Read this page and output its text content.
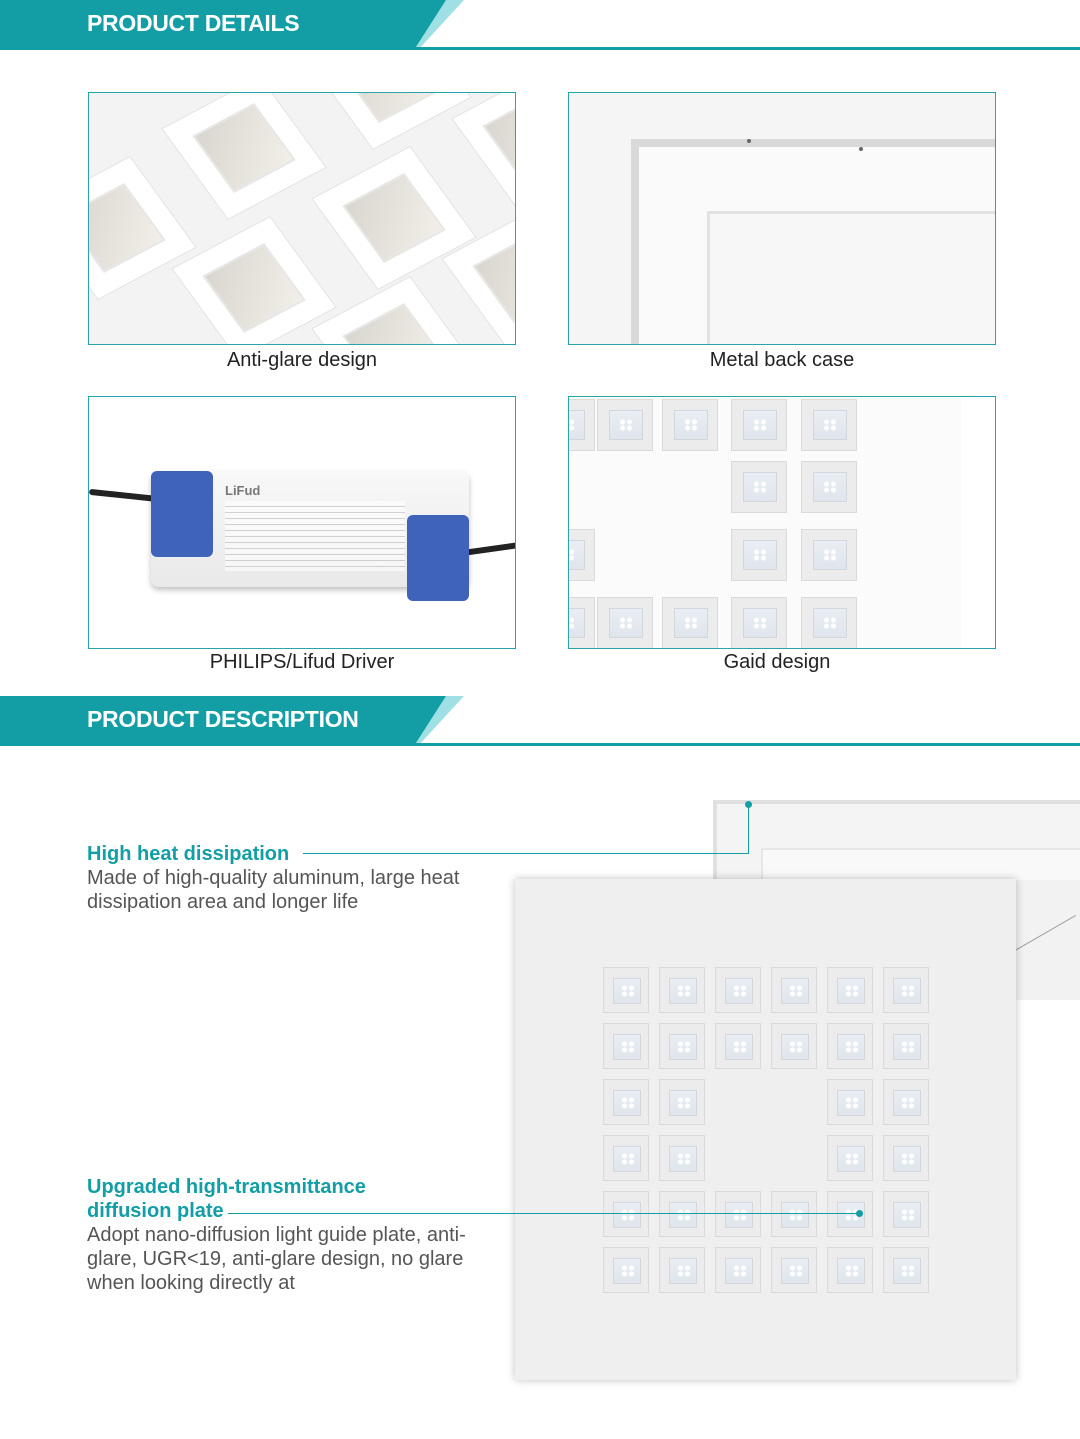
PRODUCT DETAILS
Anti-glare design	Metal back case
LiFud
PHILIPS/Lifud Driver	Gaid design
PRODUCT DESCRIPTION
High heat dissipation
Made of high-quality aluminum, large heat dissipation area and longer life
Upgraded high-transmittance diffusion plate
Adopt nano-diffusion light guide plate, anti-glare, UGR<19, anti-glare design, no glare when looking directly at
